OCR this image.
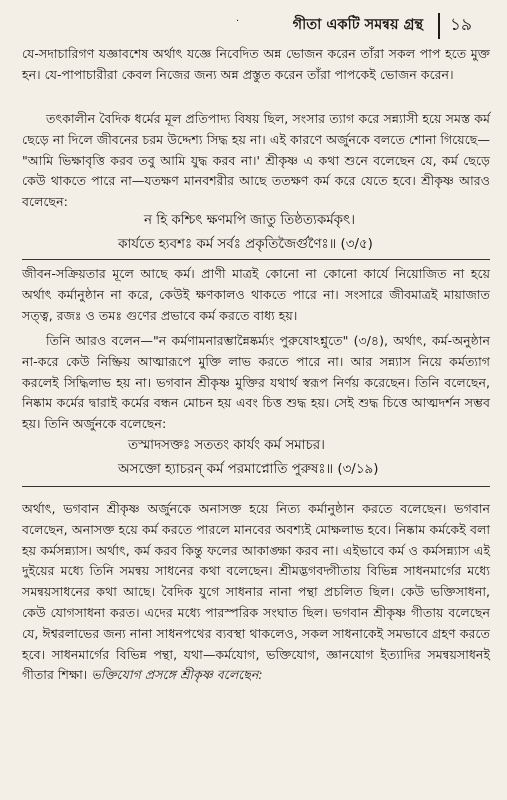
·	গীতা একটি সমন্বয় গ্রন্থ ১৯

যে-সদাচারিগণ যজ্ঞাবশেষ অর্থাৎ যজ্ঞে নিবেদিত অন্ন ভোজন করেন তাঁরা সকল পাপ হতে মুক্ত হন। যে-পাপাচারীরা কেবল নিজের জন্য অন্ন প্রস্তুত করেন তাঁরা পাপকেই ভোজন করেন।

তৎকালীন বৈদিক ধর্মের মূল প্রতিপাদ্য বিষয় ছিল, সংসার ত্যাগ করে সন্ন্যাসী হয়ে সমস্ত কর্ম ছেড়ে না দিলে জীবনের চরম উদ্দেশ্য সিদ্ধ হয় না। এই কারণে অর্জুনকে বলতে শোনা গিয়েছে— "আমি ভিক্ষাবৃত্তি করব তবু আমি যুদ্ধ করব না।' শ্রীকৃষ্ণ এ কথা শুনে বলেছেন যে, কর্ম ছেড়ে কেউ থাকতে পারে না—যতক্ষণ মানবশরীর আছে ততক্ষণ কর্ম করে যেতে হবে। শ্রীকৃষ্ণ আরও বলেছেন:

ন হি কশ্চিৎ ক্ষণমপি জাতু তিষ্ঠত্যকর্মকৃৎ।
কার্যতে হ্যবশঃ কর্ম সর্বঃ প্রকৃতিজৈর্গুণৈঃ॥ (৩/৫)

জীবন-সক্রিয়তার মূলে আছে কর্ম। প্রাণী মাত্রই কোনো না কোনো কার্যে নিয়োজিত না হয়ে অর্থাৎ কর্মানুষ্ঠান না করে, কেউই ক্ষণকালও থাকতে পারে না। সংসারে জীবমাত্রই মায়াজাত সত্ত্ব, রজঃ ও তমঃ গুণের প্রভাবে কর্ম করতে বাধ্য হয়।

তিনি আরও বলেন—"ন কর্মণামনারম্ভান্নৈষ্কর্ম্যং পুরুষোঽশ্নুতে" (৩/৪), অর্থাৎ, কর্ম-অনুষ্ঠান না-করে কেউ নিষ্ক্রিয় আত্মারূপে মুক্তি লাভ করতে পারে না। আর সন্ন্যাস নিয়ে কর্মত্যাগ করলেই সিদ্ধিলাভ হয় না। ভগবান শ্রীকৃষ্ণ মুক্তির যথার্থ স্বরূপ নির্ণয় করেছেন। তিনি বলেছেন, নিষ্কাম কর্মের দ্বারাই কর্মের বন্ধন মোচন হয় এবং চিত্ত শুদ্ধ হয়। সেই শুদ্ধ চিত্তে আত্মদর্শন সম্ভব হয়। তিনি অর্জুনকে বলেছেন:

তস্মাদসক্তঃ সততং কার্যং কর্ম সমাচর।
অসক্তো হ্যাচরন্ কর্ম পরমাপ্নোতি পুরুষঃ॥ (৩/১৯)

অর্থাৎ, ভগবান শ্রীকৃষ্ণ অর্জুনকে অনাসক্ত হয়ে নিত্য কর্মানুষ্ঠান করতে বলেছেন। ভগবান বলেছেন, অনাসক্ত হয়ে কর্ম করতে পারলে মানবের অবশ্যই মোক্ষলাভ হবে। নিষ্কাম কর্মকেই বলা হয় কর্মসন্ন্যাস। অর্থাৎ, কর্ম করব কিন্তু ফলের আকাঙ্ক্ষা করব না। এইভাবে কর্ম ও কর্মসন্ন্যাস এই দুইয়ের মধ্যে তিনি সমন্বয় সাধনের কথা বলেছেন। শ্রীমদ্ভগবদ্গীতায় বিভিন্ন সাধনমার্গের মধ্যে সমন্বয়সাধনের কথা আছে। বৈদিক যুগে সাধনার নানা পন্থা প্রচলিত ছিল। কেউ ভক্তিসাধনা, কেউ যোগসাধনা করত। এদের মধ্যে পারস্পরিক সংঘাত ছিল। ভগবান শ্রীকৃষ্ণ গীতায় বলেছেন যে, ঈশ্বরলাভের জন্য নানা সাধনপথের ব্যবস্থা থাকলেও, সকল সাধনাকেই সমভাবে গ্রহণ করতে হবে। সাধনমার্গের বিভিন্ন পন্থা, যথা—কর্মযোগ, ভক্তিযোগ, জ্ঞানযোগ ইত্যাদির সমন্বয়সাধনই গীতার শিক্ষা। ভক্তিযোগ প্রসঙ্গে শ্রীকৃষ্ণ বলেছেন:
